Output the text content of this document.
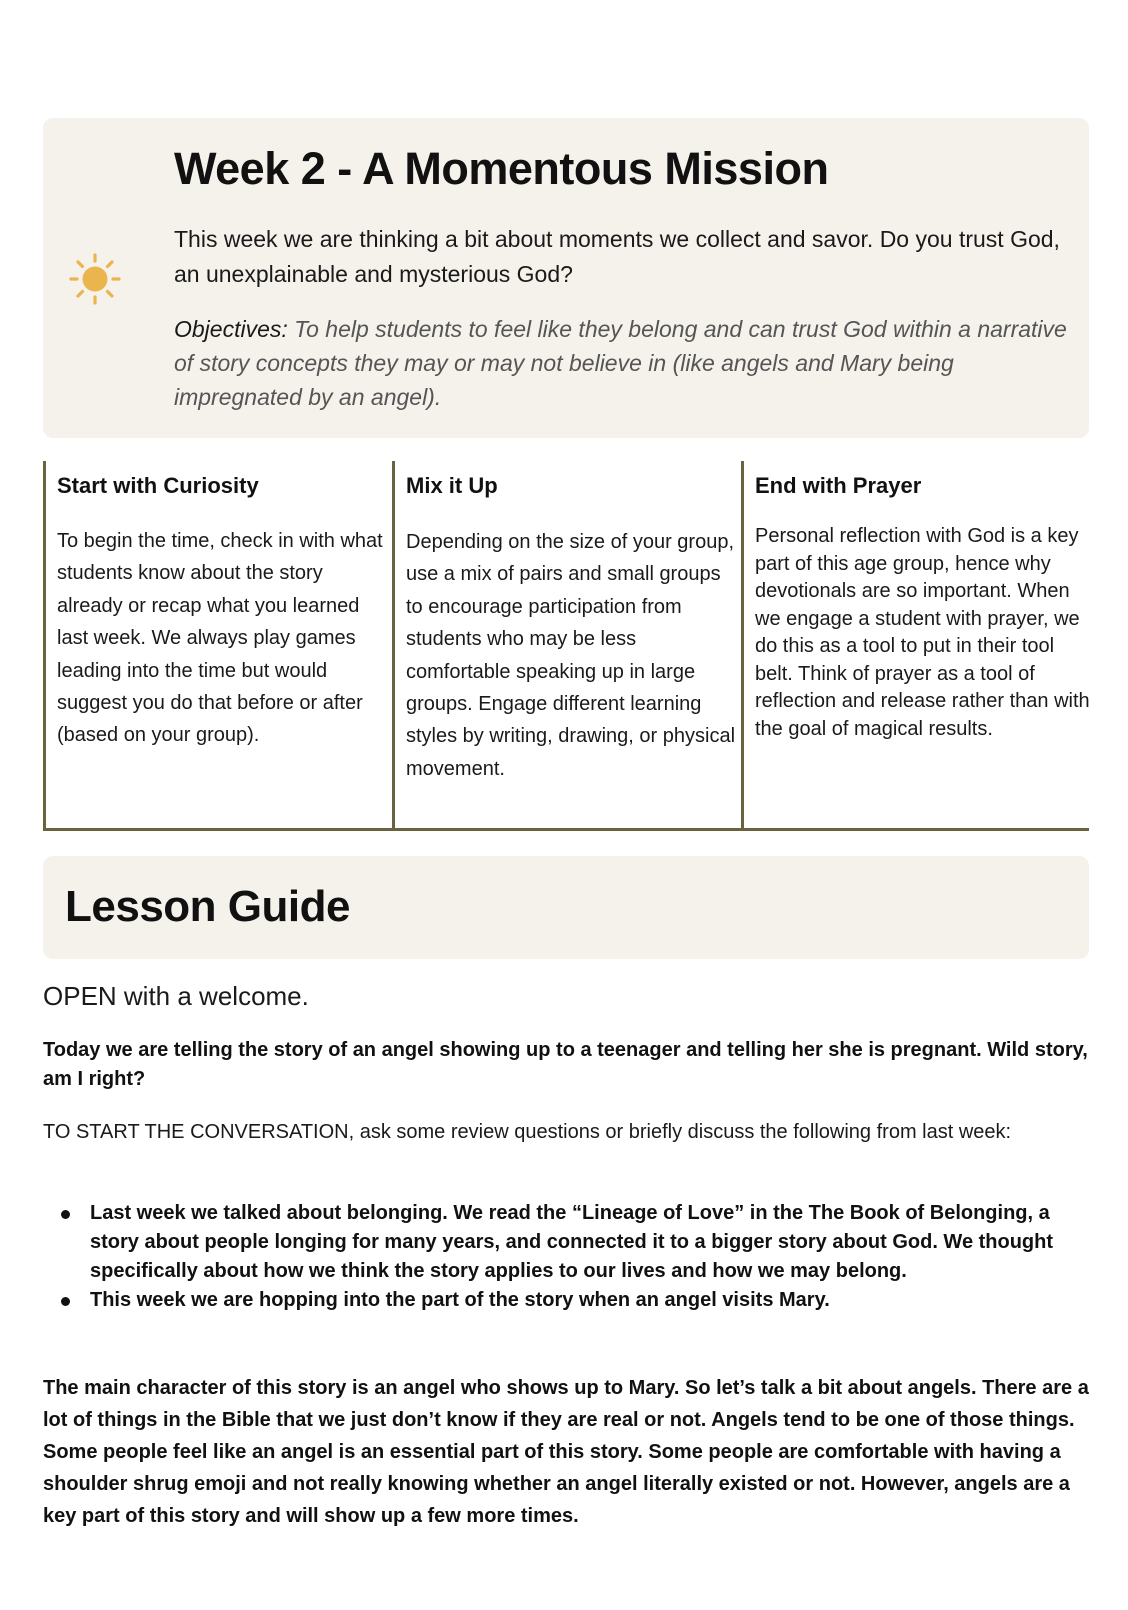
Week 2 - A Momentous Mission

This week we are thinking a bit about moments we collect and savor. Do you trust God, an unexplainable and mysterious God?

Objectives: To help students to feel like they belong and can trust God within a narrative of story concepts they may or may not believe in (like angels and Mary being impregnated by an angel).

Start with Curiosity

To begin the time, check in with what students know about the story already or recap what you learned last week. We always play games leading into the time but would suggest you do that before or after (based on your group).

Mix it Up

Depending on the size of your group, use a mix of pairs and small groups to encourage participation from students who may be less comfortable speaking up in large groups. Engage different learning styles by writing, drawing, or physical movement.

End with Prayer

Personal reflection with God is a key part of this age group, hence why devotionals are so important. When we engage a student with prayer, we do this as a tool to put in their tool belt. Think of prayer as a tool of reflection and release rather than with the goal of magical results.

Lesson Guide

OPEN with a welcome.

Today we are telling the story of an angel showing up to a teenager and telling her she is pregnant. Wild story, am I right?

TO START THE CONVERSATION, ask some review questions or briefly discuss the following from last week:

Last week we talked about belonging. We read the “Lineage of Love” in the The Book of Belonging, a story about people longing for many years, and connected it to a bigger story about God. We thought specifically about how we think the story applies to our lives and how we may belong.
This week we are hopping into the part of the story when an angel visits Mary.

The main character of this story is an angel who shows up to Mary. So let’s talk a bit about angels. There are a lot of things in the Bible that we just don’t know if they are real or not. Angels tend to be one of those things. Some people feel like an angel is an essential part of this story. Some people are comfortable with having a shoulder shrug emoji and not really knowing whether an angel literally existed or not. However, angels are a key part of this story and will show up a few more times.
